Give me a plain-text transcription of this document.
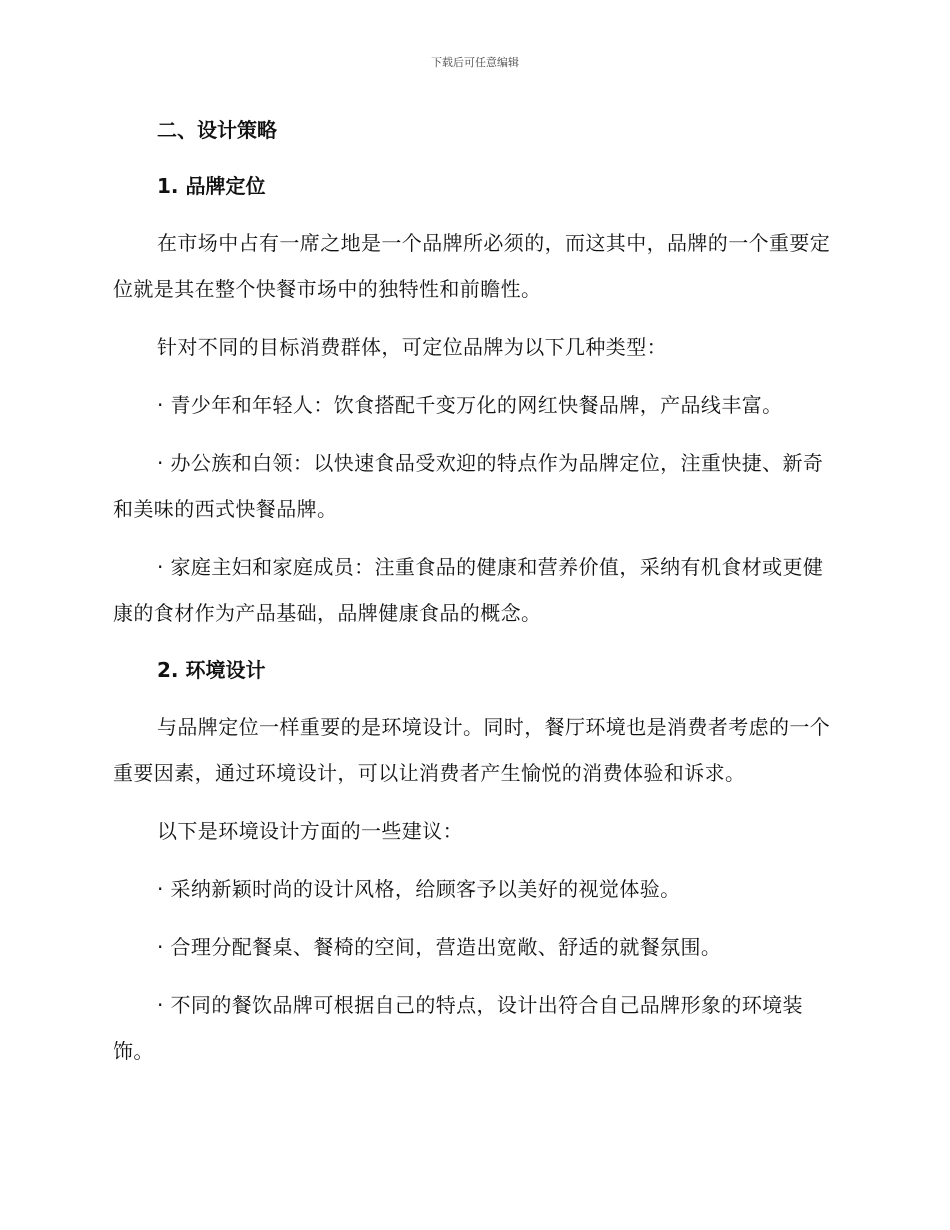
下载后可任意编辑
二、设计策略
1. 品牌定位

在市场中占有一席之地是一个品牌所必须的，而这其中，品牌的一个重要定位就是其在整个快餐市场中的独特性和前瞻性。

针对不同的目标消费群体，可定位品牌为以下几种类型：

· 青少年和年轻人：饮食搭配千变万化的网红快餐品牌，产品线丰富。

· 办公族和白领：以快速食品受欢迎的特点作为品牌定位，注重快捷、新奇和美味的西式快餐品牌。

· 家庭主妇和家庭成员：注重食品的健康和营养价值，采纳有机食材或更健康的食材作为产品基础，品牌健康食品的概念。

2. 环境设计

与品牌定位一样重要的是环境设计。同时，餐厅环境也是消费者考虑的一个重要因素，通过环境设计，可以让消费者产生愉悦的消费体验和诉求。

以下是环境设计方面的一些建议：

· 采纳新颖时尚的设计风格，给顾客予以美好的视觉体验。

· 合理分配餐桌、餐椅的空间，营造出宽敞、舒适的就餐氛围。

· 不同的餐饮品牌可根据自己的特点，设计出符合自己品牌形象的环境装饰。
